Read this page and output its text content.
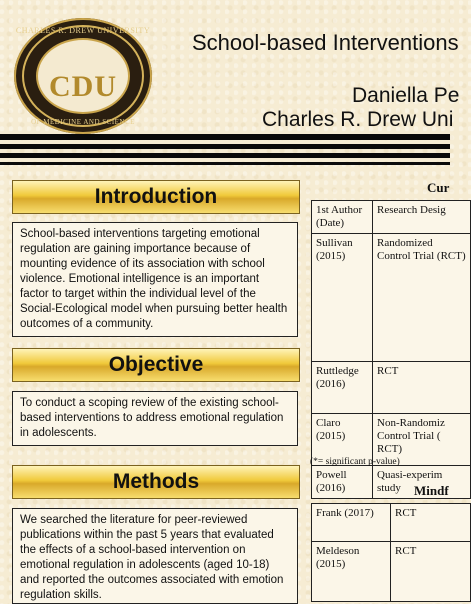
CHARLES R. DREW UNIVERSITY
CDU
OF MEDICINE AND SCIENCE
School-based Interventions
Daniella Pe
Charles R. Drew Uni
Introduction
School-based interventions targeting emotional regulation are gaining importance because of mounting evidence of its association with school violence. Emotional intelligence is an important factor to target within the individual level of the Social-Ecological model when pursuing better health outcomes of a community.
Objective
To conduct a scoping review of the existing school-based interventions to address emotional regulation in adolescents.
Methods
We searched the literature for peer-reviewed publications within the past 5 years that evaluated the effects of a school-based intervention on emotional regulation in adolescents (aged 10-18) and reported the outcomes associated with emotion regulation skills.
Cur
1st Author (Date)	Research Desig
Sullivan (2015)	Randomized Control Trial (RCT)
Ruttledge (2016)	RCT
Claro (2015)	Non-Randomiz Control Trial ( RCT)
Powell (2016)	Quasi-experim study
(*= significant p-value)
Mindf
Frank (2017)	RCT
Meldeson (2015)	RCT
